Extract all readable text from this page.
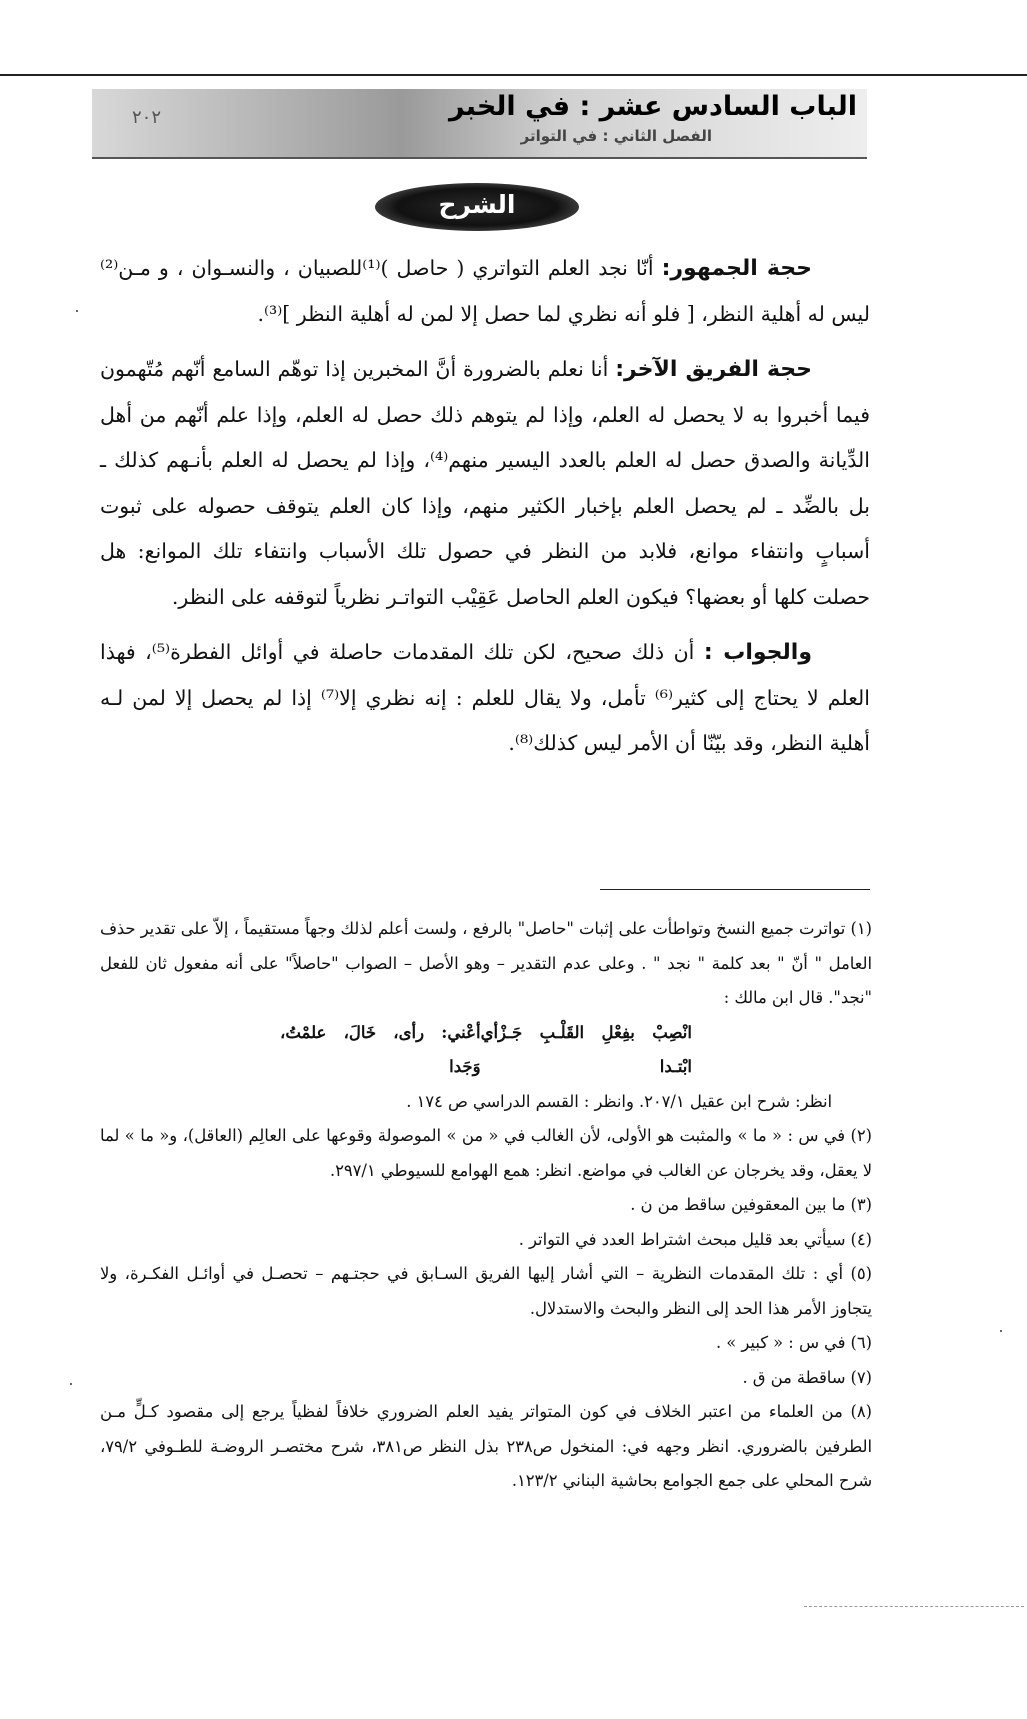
الباب السادس عشر : في الخبر
الفصل الثاني : في التواتر
٢٠٢
الشرح

حجة الجمهور: أنّا نجد العلم التواتري ( حاصل )⁽¹⁾للصبيان ، والنسـوان ، و مـن⁽²⁾ ليس له أهلية النظر، [ فلو أنه نظري لما حصل إلا لمن له أهلية النظر ]⁽³⁾.

حجة الفريق الآخر: أنا نعلم بالضرورة أنَّ المخبرين إذا توهّم السامع أنّهم مُتّهمون فيما أخبروا به لا يحصل له العلم، وإذا لم يتوهم ذلك حصل له العلم، وإذا علم أنّهم من أهل الدِّيانة والصدق حصل له العلم بالعدد اليسير منهم⁽⁴⁾، وإذا لم يحصل له العلم بأنـهم كذلك ـ بل بالضِّد ـ لم يحصل العلم بإخبار الكثير منهم، وإذا كان العلم يتوقف حصوله على ثبوت أسبابٍ وانتفاء موانع، فلابد من النظر في حصول تلك الأسباب وانتفاء تلك الموانع: هل حصلت كلها أو بعضها؟ فيكون العلم الحاصل عَقِيْب التواتـر نظرياً لتوقفه على النظر.

والجواب : أن ذلك صحيح، لكن تلك المقدمات حاصلة في أوائل الفطرة⁽⁵⁾، فهذا العلم لا يحتاج إلى كثير⁽⁶⁾ تأمل، ولا يقال للعلم : إنه نظري إلا⁽⁷⁾ إذا لم يحصل إلا لمن لـه أهلية النظر، وقد بيّنّا أن الأمر ليس كذلك⁽⁸⁾.

(١) تواترت جميع النسخ وتواطأت على إثبات "حاصل" بالرفع ، ولست أعلم لذلك وجهاً مستقيماً ، إلاّ على تقدير حذف العامل " أنّ " بعد كلمة " نجد " . وعلى عدم التقدير – وهو الأصل – الصواب "حاصلاً" على أنه مفعول ثان للفعل "نجد". قال ابن مالك :

انْصِبْ بفِعْلِ القَلْـبِ جَـزْأي ابْتـدا
أعْني: رأى، خَالَ، علمْتُ، وَجَدا

انظر: شرح ابن عقيل ٢٠٧/١. وانظر : القسم الدراسي ص ١٧٤ .

(٢) في س : « ما » والمثبت هو الأولى، لأن الغالب في « من » الموصولة وقوعها على العالِم (العاقل)، و« ما » لما لا يعقل، وقد يخرجان عن الغالب في مواضع. انظر: همع الهوامع للسيوطي ٢٩٧/١.

(٣) ما بين المعقوفين ساقط من ن .

(٤) سيأتي بعد قليل مبحث اشتراط العدد في التواتر .

(٥) أي : تلك المقدمات النظرية – التي أشار إليها الفريق السـابق في حجتـهم – تحصـل في أوائـل الفكـرة، ولا يتجاوز الأمر هذا الحد إلى النظر والبحث والاستدلال.

(٦) في س : « كبير » .

(٧) ساقطة من ق .

(٨) من العلماء من اعتبر الخلاف في كون المتواتر يفيد العلم الضروري خلافاً لفظياً يرجع إلى مقصود كـلٍّ مـن الطرفين بالضروري. انظر وجهه في: المنخول ص٢٣٨ بذل النظر ص٣٨١، شرح مختصـر الروضـة للطـوفي ٧٩/٢، شرح المحلي على جمع الجوامع بحاشية البناني ١٢٣/٢.
